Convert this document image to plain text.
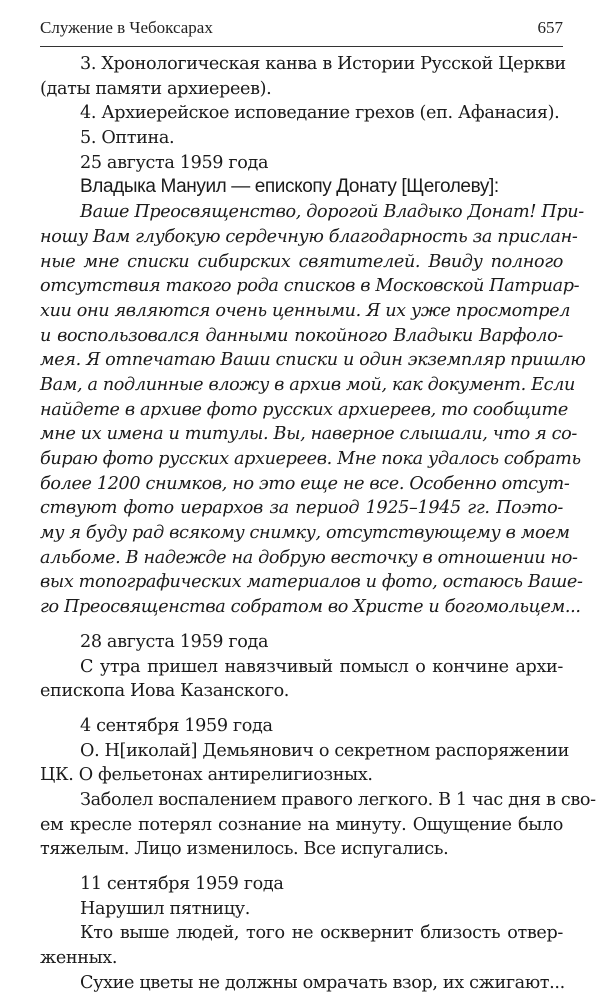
Служение в Чебоксарах	657
3. Хронологическая канва в Истории Русской Церкви
(даты памяти архиереев).
4. Архиерейское исповедание грехов (еп. Афанасия).
5. Оптина.
25 августа 1959 года
Владыка Мануил — епископу Донату [Щеголеву]:
Ваше Преосвященство, дорогой Владыко Донат! При-
ношу Вам глубокую сердечную благодарность за прислан-
ные мне списки сибирских святителей. Ввиду полного
отсутствия такого рода списков в Московской Патриар-
хии они являются очень ценными. Я их уже просмотрел
и воспользовался данными покойного Владыки Варфоло-
мея. Я отпечатаю Ваши списки и один экземпляр пришлю
Вам, а подлинные вложу в архив мой, как документ. Если
найдете в архиве фото русских архиереев, то сообщите
мне их имена и титулы. Вы, наверное слышали, что я со-
бираю фото русских архиереев. Мне пока удалось собрать
более 1200 снимков, но это еще не все. Особенно отсут-
ствуют фото иерархов за период 1925–1945 гг. Поэто-
му я буду рад всякому снимку, отсутствующему в моем
альбоме. В надежде на добрую весточку в отношении но-
вых топографических материалов и фото, остаюсь Ваше-
го Преосвященства собратом во Христе и богомольцем...
28 августа 1959 года
С утра пришел навязчивый помысл о кончине архи-
епископа Иова Казанского.
4 сентября 1959 года
О. Н[иколай] Демьянович о секретном распоряжении
ЦК. О фельетонах антирелигиозных.
Заболел воспалением правого легкого. В 1 час дня в сво-
ем кресле потерял сознание на минуту. Ощущение было
тяжелым. Лицо изменилось. Все испугались.
11 сентября 1959 года
Нарушил пятницу.
Кто выше людей, того не осквернит близость отвер-
женных.
Сухие цветы не должны омрачать взор, их сжигают...
